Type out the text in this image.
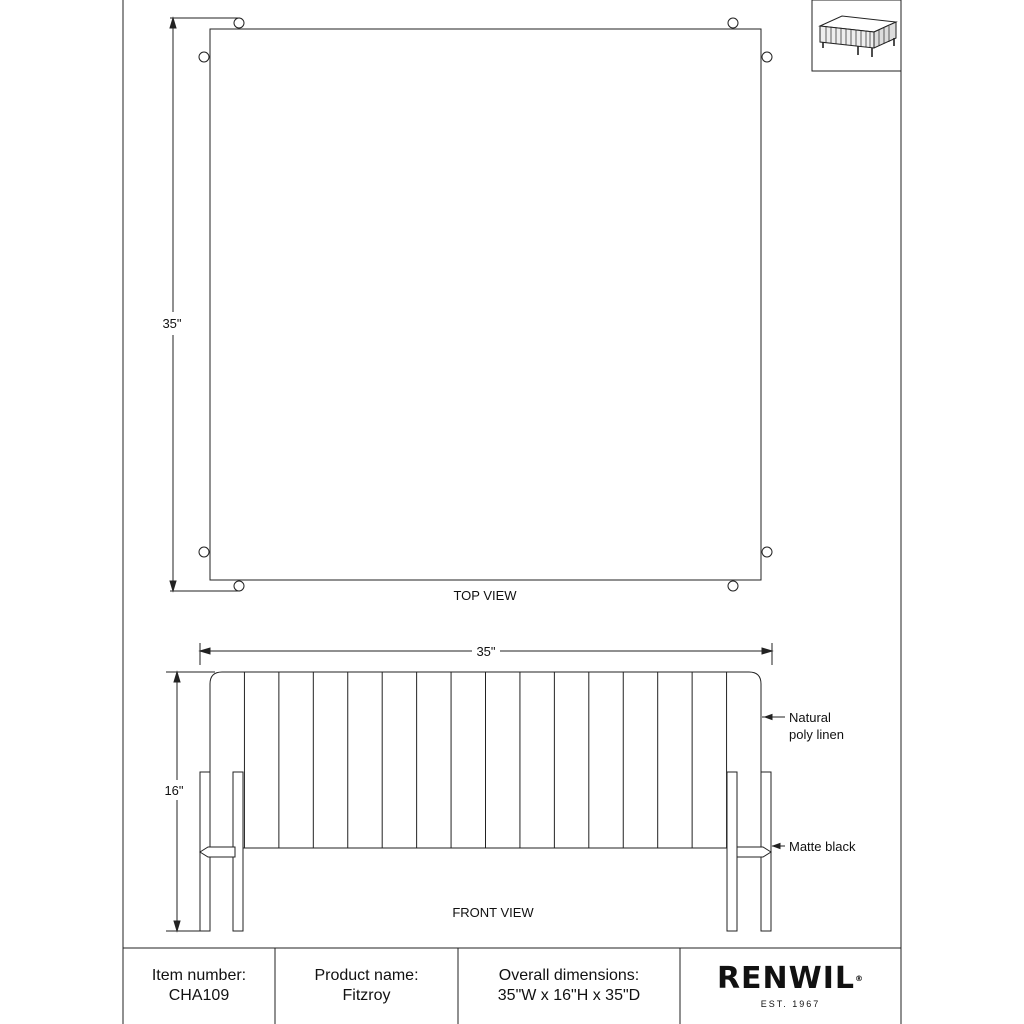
35"
TOP VIEW
35"
16"
Natural
poly linen
Matte black
FRONT VIEW
Item number:
CHA109
Product name:
Fitzroy
Overall dimensions:
35"W x 16"H x 35"D	RENWIL®
EST. 1967
